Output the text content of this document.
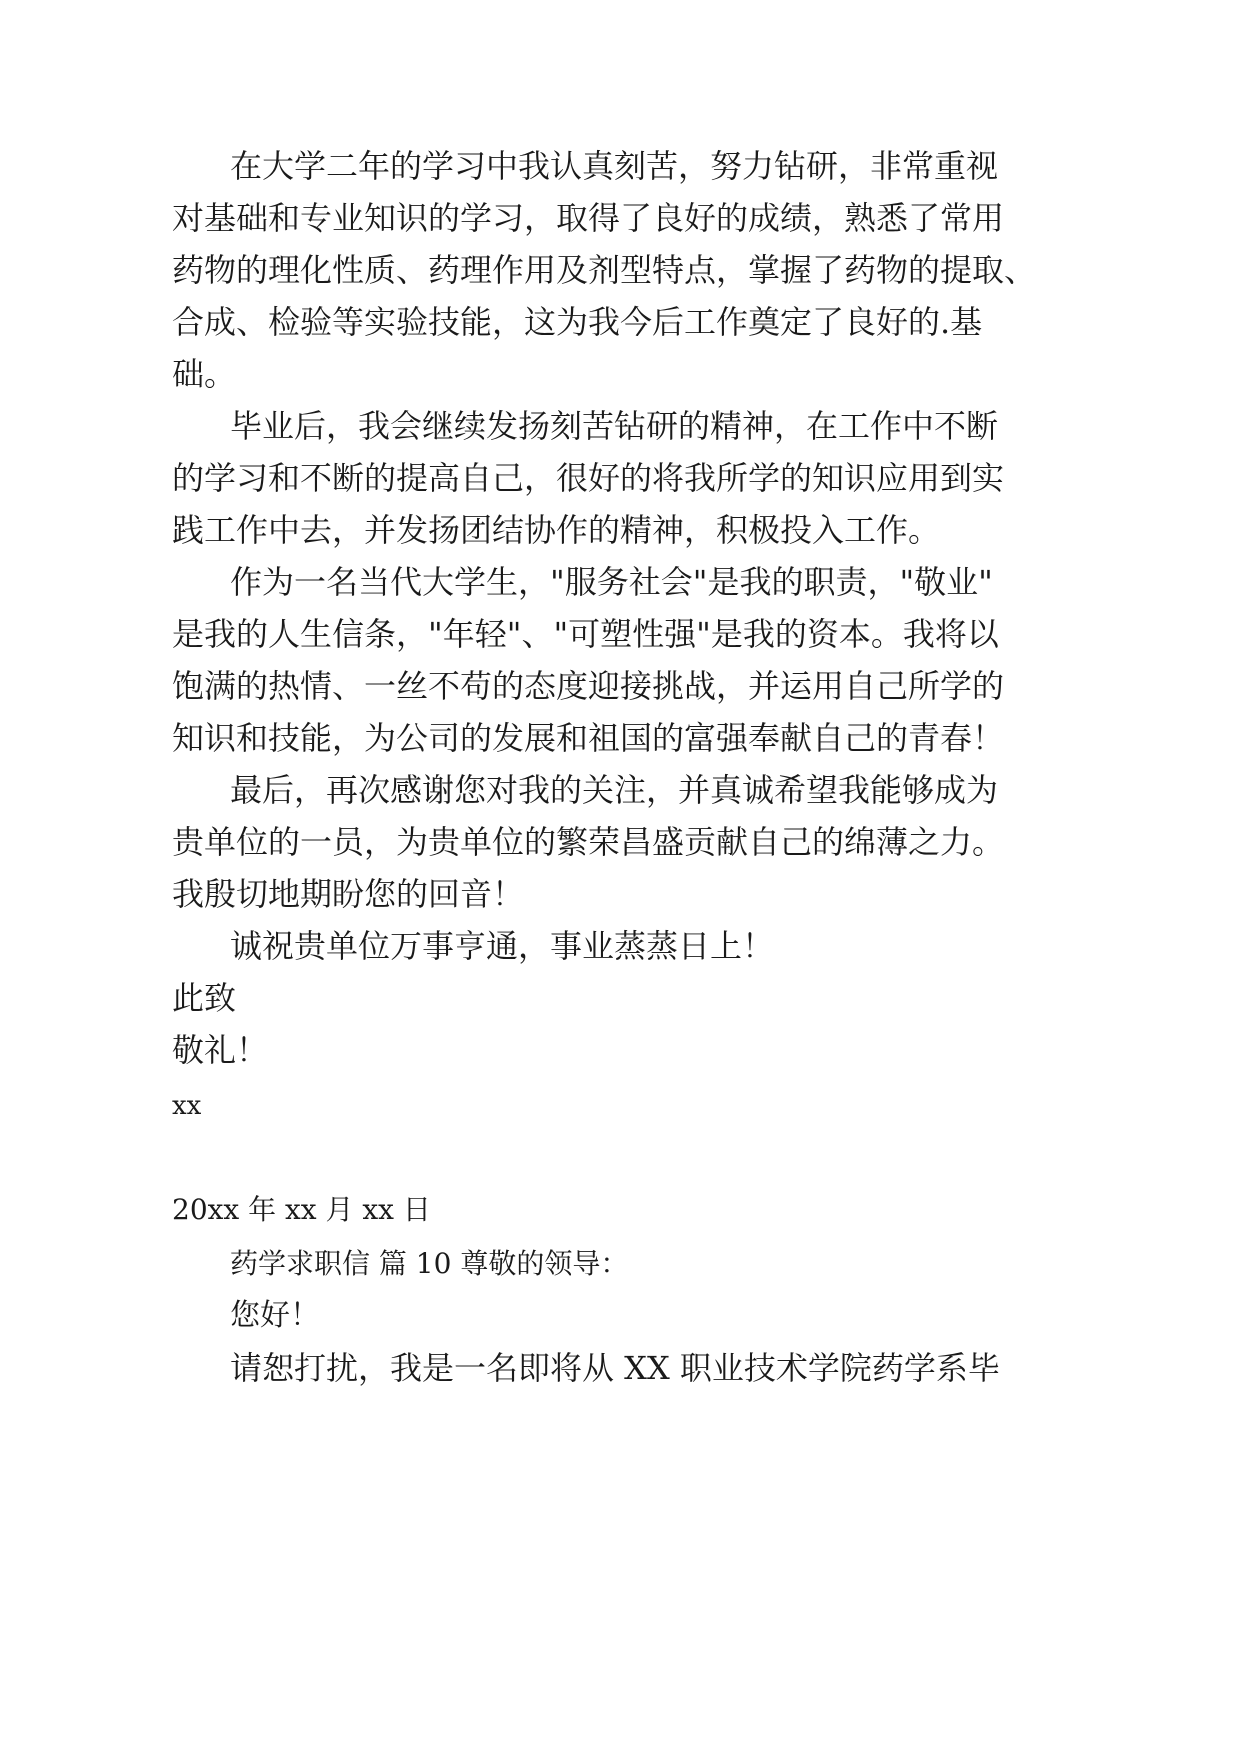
在大学二年的学习中我认真刻苦，努力钻研，非常重视
对基础和专业知识的学习，取得了良好的成绩，熟悉了常用
药物的理化性质、药理作用及剂型特点，掌握了药物的提取、
合成、检验等实验技能，这为我今后工作奠定了良好的.基
础。
毕业后，我会继续发扬刻苦钻研的精神，在工作中不断
的学习和不断的提高自己，很好的将我所学的知识应用到实
践工作中去，并发扬团结协作的精神，积极投入工作。
作为一名当代大学生，"服务社会"是我的职责，"敬业"
是我的人生信条，"年轻"、"可塑性强"是我的资本。我将以
饱满的热情、一丝不苟的态度迎接挑战，并运用自己所学的
知识和技能，为公司的发展和祖国的富强奉献自己的青春！
最后，再次感谢您对我的关注，并真诚希望我能够成为
贵单位的一员，为贵单位的繁荣昌盛贡献自己的绵薄之力。
我殷切地期盼您的回音！
诚祝贵单位万事亨通，事业蒸蒸日上！
此致
敬礼！
xx
20xx 年 xx 月 xx 日
药学求职信 篇 10 尊敬的领导：
您好！
请恕打扰，我是一名即将从 XX 职业技术学院药学系毕
